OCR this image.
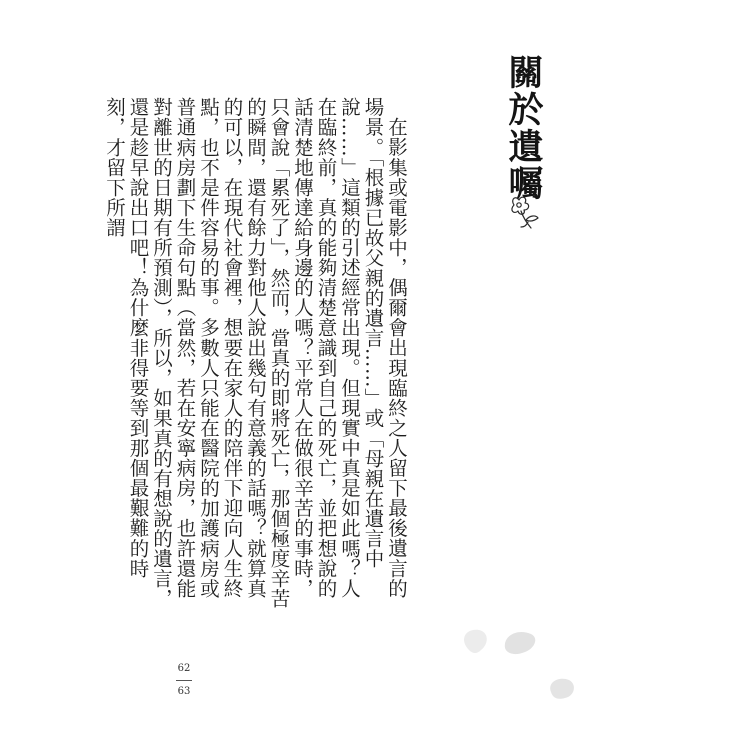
關於遺囑

在影集或電影中，偶爾會出現臨終之人留下最後遺言的場景。「根據已故父親的遺言……」或「母親在遺言中說……」這類的引述經常出現。但現實中真是如此嗎？人在臨終前，真的能夠清楚意識到自己的死亡，並把想說的話清楚地傳達給身邊的人嗎？平常人在做很辛苦的事時，只會說「累死了」，然而，當真的即將死亡，那個極度辛苦的瞬間，還有餘力對他人說出幾句有意義的話嗎？就算真的可以，在現代社會裡，想要在家人的陪伴下迎向人生終點，也不是件容易的事。多數人只能在醫院的加護病房或普通病房劃下生命句點（當然，若在安寧病房，也許還能對離世的日期有所預測），所以，如果真的有想說的遺言，還是趁早說出口吧！為什麼非得要等到那個最艱難的時刻，才留下所謂

62
63
